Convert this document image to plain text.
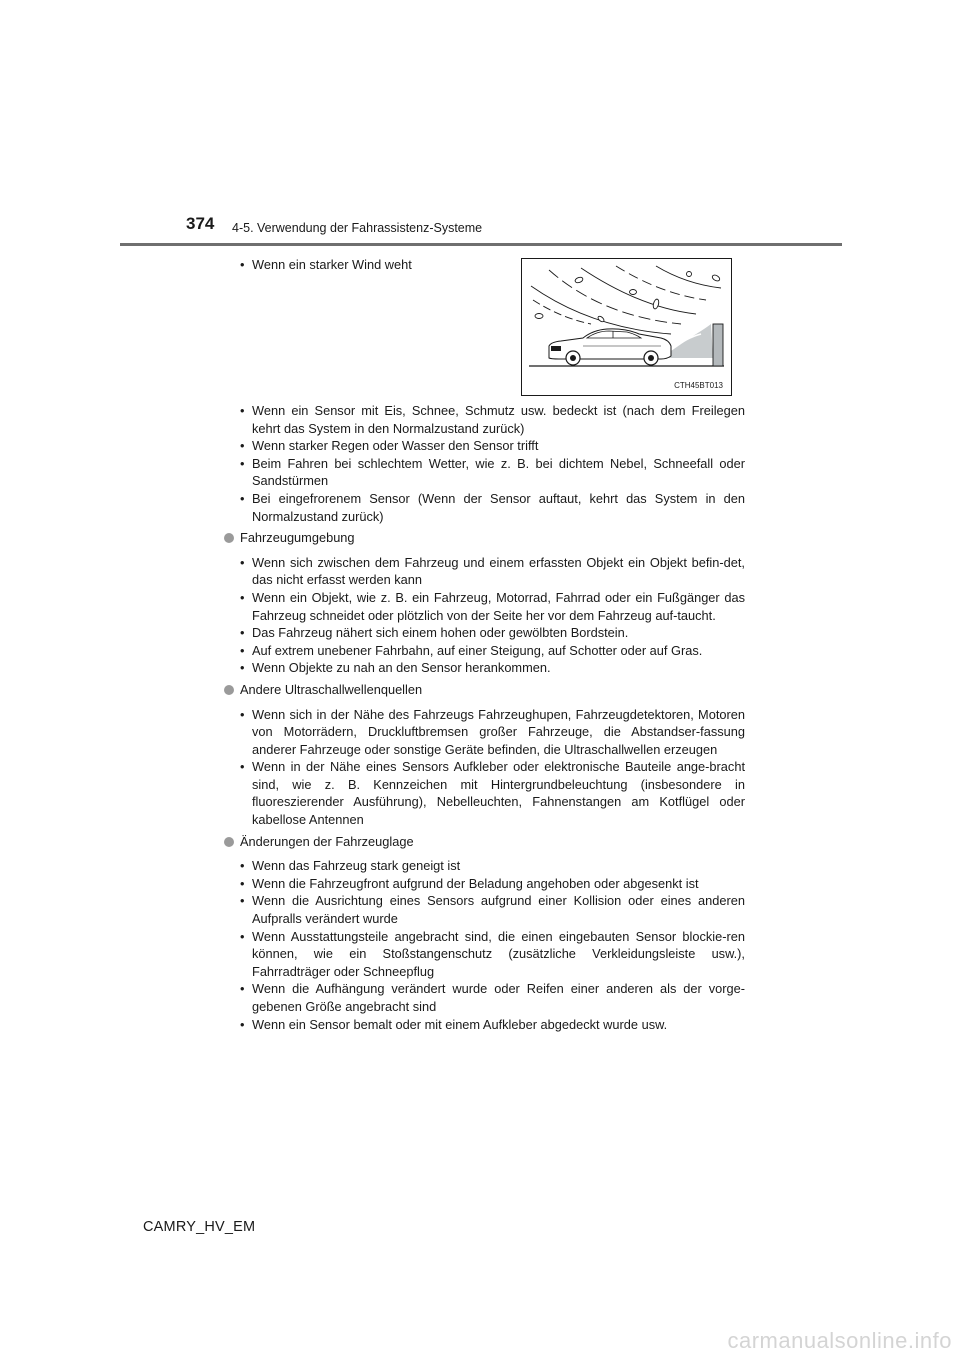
374 4-5. Verwendung der Fahrassistenz-Systeme
• Wenn ein starker Wind weht
CTH45BT013
• Wenn ein Sensor mit Eis, Schnee, Schmutz usw. bedeckt ist (nach dem Freilegen kehrt das System in den Normalzustand zurück)
• Wenn starker Regen oder Wasser den Sensor trifft
• Beim Fahren bei schlechtem Wetter, wie z. B. bei dichtem Nebel, Schneefall oder Sandstürmen
• Bei eingefrorenem Sensor (Wenn der Sensor auftaut, kehrt das System in den Normalzustand zurück)
Fahrzeugumgebung
• Wenn sich zwischen dem Fahrzeug und einem erfassten Objekt ein Objekt befin-det, das nicht erfasst werden kann
• Wenn ein Objekt, wie z. B. ein Fahrzeug, Motorrad, Fahrrad oder ein Fußgänger das Fahrzeug schneidet oder plötzlich von der Seite her vor dem Fahrzeug auf-taucht.
• Das Fahrzeug nähert sich einem hohen oder gewölbten Bordstein.
• Auf extrem unebener Fahrbahn, auf einer Steigung, auf Schotter oder auf Gras.
• Wenn Objekte zu nah an den Sensor herankommen.
Andere Ultraschallwellenquellen
• Wenn sich in der Nähe des Fahrzeugs Fahrzeughupen, Fahrzeugdetektoren, Motoren von Motorrädern, Druckluftbremsen großer Fahrzeuge, die Abstandser-fassung anderer Fahrzeuge oder sonstige Geräte befinden, die Ultraschallwellen erzeugen
• Wenn in der Nähe eines Sensors Aufkleber oder elektronische Bauteile ange-bracht sind, wie z. B. Kennzeichen mit Hintergrundbeleuchtung (insbesondere in fluoreszierender Ausführung), Nebelleuchten, Fahnenstangen am Kotflügel oder kabellose Antennen
Änderungen der Fahrzeuglage
• Wenn das Fahrzeug stark geneigt ist
• Wenn die Fahrzeugfront aufgrund der Beladung angehoben oder abgesenkt ist
• Wenn die Ausrichtung eines Sensors aufgrund einer Kollision oder eines anderen Aufpralls verändert wurde
• Wenn Ausstattungsteile angebracht sind, die einen eingebauten Sensor blockie-ren können, wie ein Stoßstangenschutz (zusätzliche Verkleidungsleiste usw.), Fahrradträger oder Schneepflug
• Wenn die Aufhängung verändert wurde oder Reifen einer anderen als der vorge-gebenen Größe angebracht sind
• Wenn ein Sensor bemalt oder mit einem Aufkleber abgedeckt wurde usw.
CAMRY_HV_EM
carmanualsonline.info
